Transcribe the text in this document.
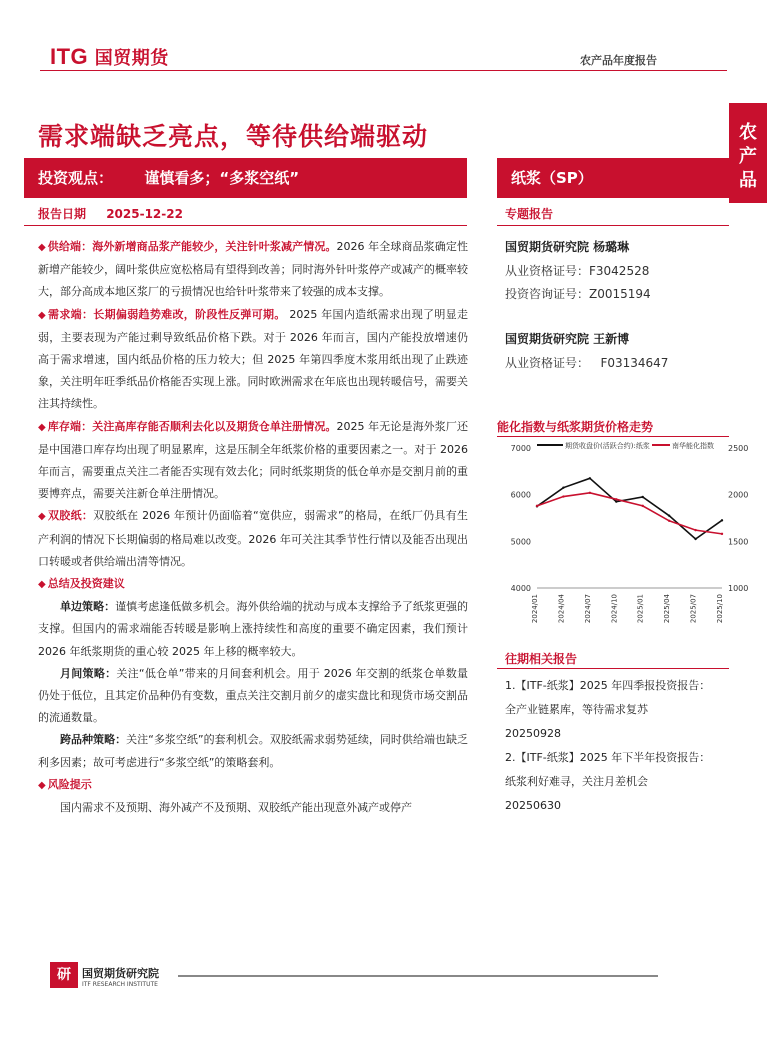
ITG 国贸期货	农产品年度报告
农产品
需求端缺乏亮点，等待供给端驱动
投资观点：      谨慎看多；“多浆空纸”	纸浆（SP）
报告日期 2025-12-22	专题报告

◆ 供给端：海外新增商品浆产能较少，关注针叶浆减产情况。2026 年全球商品浆确定性新增产能较少，阔叶浆供应宽松格局有望得到改善；同时海外针叶浆停产或减产的概率较大，部分高成本地区浆厂的亏损情况也给针叶浆带来了较强的成本支撑。

◆ 需求端：长期偏弱趋势难改，阶段性反弹可期。 2025 年国内造纸需求出现了明显走弱，主要表现为产能过剩导致纸品价格下跌。对于 2026 年而言，国内产能投放增速仍高于需求增速，国内纸品价格的压力较大；但 2025 年第四季度木浆用纸出现了止跌迹象，关注明年旺季纸品价格能否实现上涨。同时欧洲需求在年底也出现转暖信号，需要关注其持续性。

◆ 库存端：关注高库存能否顺利去化以及期货仓单注册情况。2025 年无论是海外浆厂还是中国港口库存均出现了明显累库，这是压制全年纸浆价格的重要因素之一。对于 2026 年而言，需要重点关注二者能否实现有效去化；同时纸浆期货的低仓单亦是交割月前的重要博弈点，需要关注新仓单注册情况。

◆ 双胶纸：双胶纸在 2026 年预计仍面临着“宽供应，弱需求”的格局，在纸厂仍具有生产利润的情况下长期偏弱的格局难以改变。2026 年可关注其季节性行情以及能否出现出口转暖或者供给端出清等情况。

◆ 总结及投资建议

单边策略：谨慎考虑逢低做多机会。海外供给端的扰动与成本支撑给予了纸浆更强的支撑。但国内的需求端能否转暖是影响上涨持续性和高度的重要不确定因素，我们预计 2026 年纸浆期货的重心较 2025 年上移的概率较大。

月间策略：关注“低仓单”带来的月间套利机会。用于 2026 年交割的纸浆仓单数量仍处于低位，且其定价品种仍有变数，重点关注交割月前夕的虚实盘比和现货市场交割品的流通数量。

跨品种策略：关注“多浆空纸”的套利机会。双胶纸需求弱势延续，同时供给端也缺乏利多因素；故可考虑进行“多浆空纸”的策略套利。

◆ 风险提示

国内需求不及预期、海外减产不及预期、双胶纸产能出现意外减产或停产

国贸期货研究院 杨璐琳
从业资格证号：F3042528
投资咨询证号：Z0015194
国贸期货研究院 王新博
从业资格证号：   F03134647
能化指数与纸浆期货价格走势
4000
5000
6000
7000
1000
1500
2000
2500
2024/01	2024/04	2024/07	2024/10	2025/01	2025/04	2025/07	2025/10
期货收盘价(活跃合约):纸浆	南华能化指数
往期相关报告
1.【ITF-纸浆】2025 年四季报投资报告：全产业链累库，等待需求复苏
20250928
2.【ITF-纸浆】2025 年下半年投资报告：纸浆利好难寻，关注月差机会
20250630
研	国贸期货研究院
ITF RESEARCH INSTITUTE
